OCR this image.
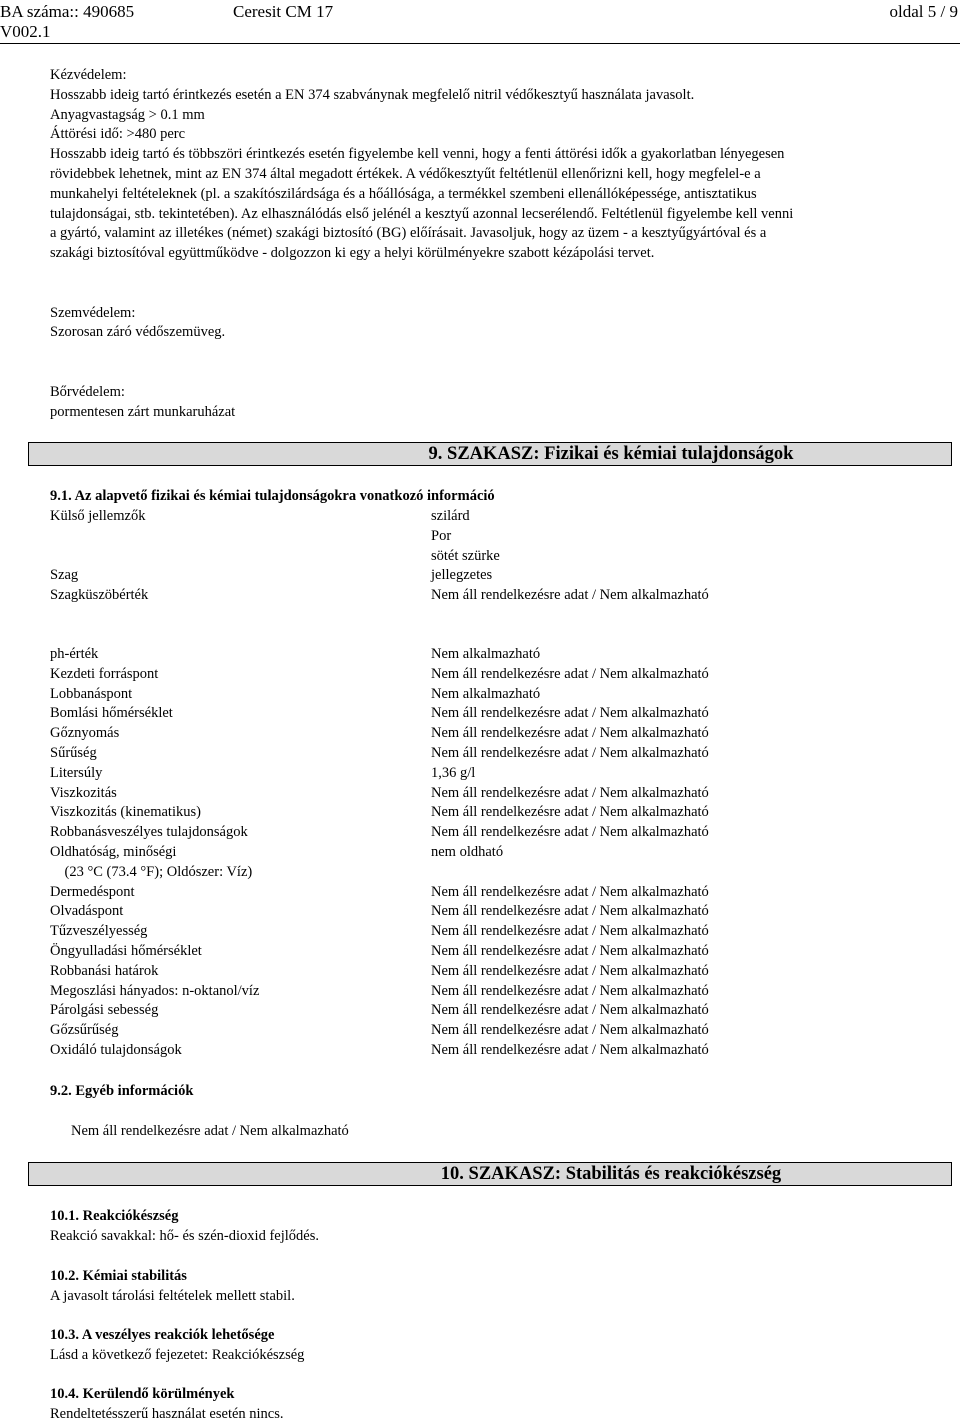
BA száma:: 490685	Ceresit CM 17	oldal 5 / 9
V002.1

Kézvédelem:

Hosszabb ideig tartó érintkezés esetén a EN 374 szabványnak megfelelő nitril védőkesztyű használata javasolt.

Anyagvastagság > 0.1 mm

Áttörési idő: >480 perc

Hosszabb ideig tartó és többszöri érintkezés esetén figyelembe kell venni, hogy a fenti áttörési idők a gyakorlatban lényegesen

rövidebbek lehetnek, mint az EN 374 által megadott értékek. A védőkesztyűt feltétlenül ellenőrizni kell, hogy megfelel-e a

munkahelyi feltételeknek (pl. a szakítószilárdsága és a hőállósága, a termékkel szembeni ellenállóképessége, antisztatikus

tulajdonságai, stb. tekintetében). Az elhasználódás első jelénél a kesztyű azonnal lecserélendő. Feltétlenül figyelembe kell venni

a gyártó, valamint az illetékes (német) szakági biztosító (BG) előírásait. Javasoljuk, hogy az üzem - a kesztyűgyártóval és a

szakági biztosítóval együttműködve - dolgozzon ki egy a helyi körülményekre szabott kézápolási tervet.

Szemvédelem:

Szorosan záró védőszemüveg.

Bőrvédelem:

pormentesen zárt munkaruházat

9. SZAKASZ: Fizikai és kémiai tulajdonságok
9.1. Az alapvető fizikai és kémiai tulajdonságokra vonatkozó információ
Külső jellemzők	szilárd
Por
sötét szürke
Szag	jellegzetes
Szagküszöbérték	Nem áll rendelkezésre adat / Nem alkalmazható
ph-érték	Nem alkalmazható
Kezdeti forráspont	Nem áll rendelkezésre adat / Nem alkalmazható
Lobbanáspont	Nem alkalmazható
Bomlási hőmérséklet	Nem áll rendelkezésre adat / Nem alkalmazható
Gőznyomás	Nem áll rendelkezésre adat / Nem alkalmazható
Sűrűség	Nem áll rendelkezésre adat / Nem alkalmazható
Litersúly	1,36 g/l
Viszkozitás	Nem áll rendelkezésre adat / Nem alkalmazható
Viszkozitás (kinematikus)	Nem áll rendelkezésre adat / Nem alkalmazható
Robbanásveszélyes tulajdonságok	Nem áll rendelkezésre adat / Nem alkalmazható
Oldhatóság, minőségi	nem oldható
(23 °C (73.4 °F); Oldószer: Víz)
Dermedéspont	Nem áll rendelkezésre adat / Nem alkalmazható
Olvadáspont	Nem áll rendelkezésre adat / Nem alkalmazható
Tűzveszélyesség	Nem áll rendelkezésre adat / Nem alkalmazható
Öngyulladási hőmérséklet	Nem áll rendelkezésre adat / Nem alkalmazható
Robbanási határok	Nem áll rendelkezésre adat / Nem alkalmazható
Megoszlási hányados: n-oktanol/víz	Nem áll rendelkezésre adat / Nem alkalmazható
Párolgási sebesség	Nem áll rendelkezésre adat / Nem alkalmazható
Gőzsűrűség	Nem áll rendelkezésre adat / Nem alkalmazható
Oxidáló tulajdonságok	Nem áll rendelkezésre adat / Nem alkalmazható
9.2. Egyéb információk
Nem áll rendelkezésre adat / Nem alkalmazható
10. SZAKASZ: Stabilitás és reakciókészség
10.1. Reakciókészség
Reakció savakkal: hő- és szén-dioxid fejlődés.
10.2. Kémiai stabilitás
A javasolt tárolási feltételek mellett stabil.
10.3. A veszélyes reakciók lehetősége
Lásd a következő fejezetet: Reakciókészség
10.4. Kerülendő körülmények
Rendeltetésszerű használat esetén nincs.
